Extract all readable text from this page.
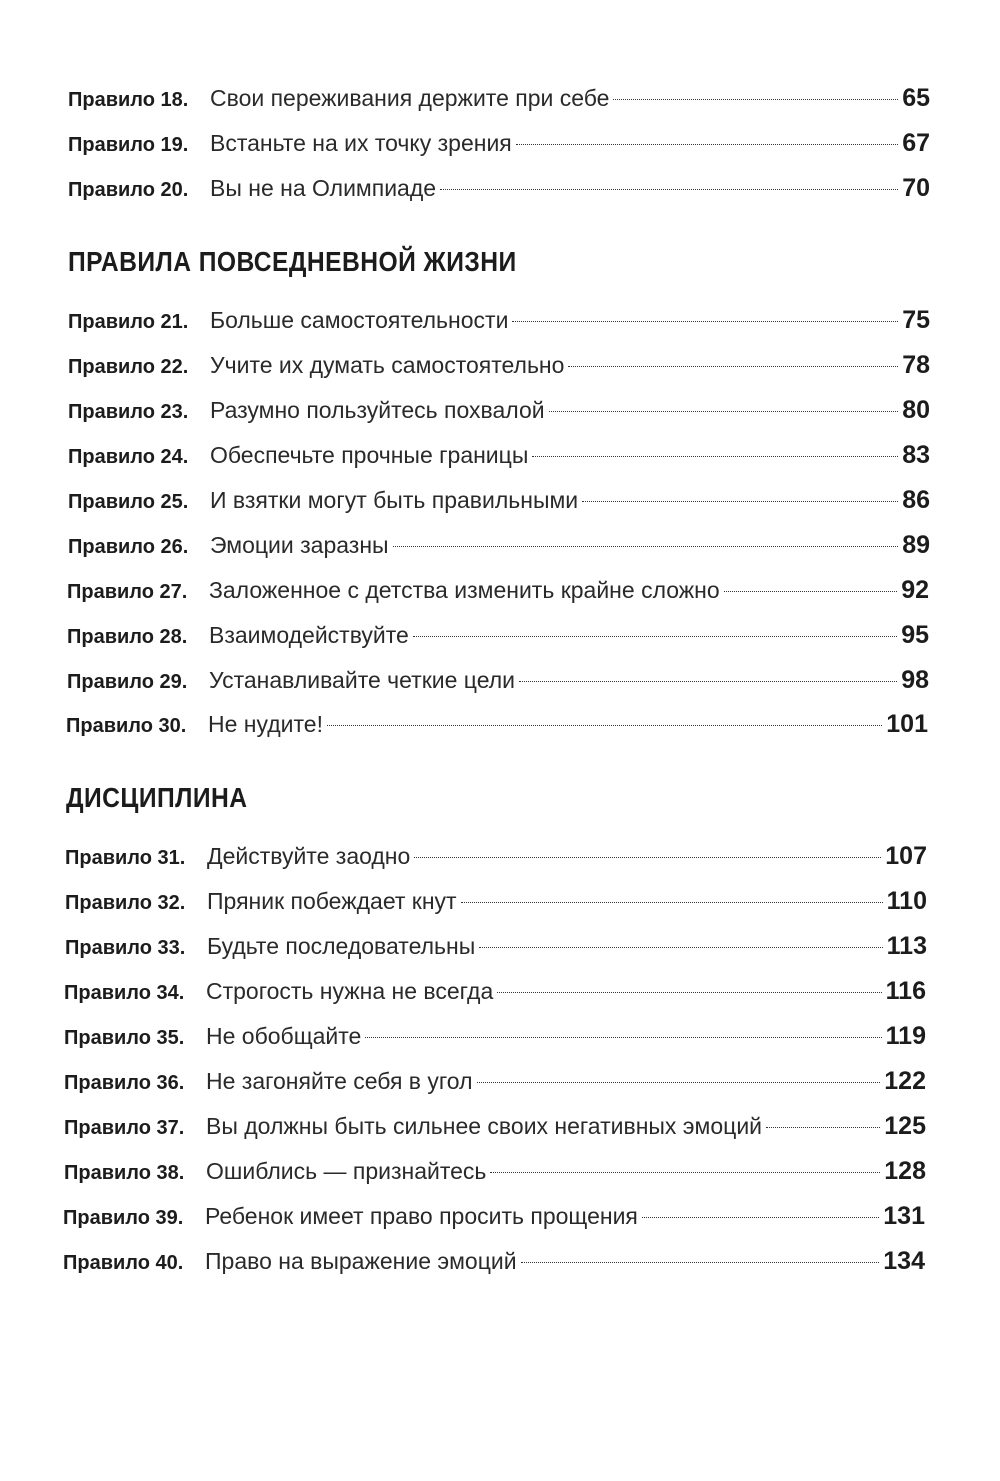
Правило 18. Свои переживания держите при себе	65
Правило 19. Встаньте на их точку зрения	67
Правило 20. Вы не на Олимпиаде	70
ПРАВИЛА ПОВСЕДНЕВНОЙ ЖИЗНИ
Правило 21. Больше самостоятельности	75
Правило 22. Учите их думать самостоятельно	78
Правило 23. Разумно пользуйтесь похвалой	80
Правило 24. Обеспечьте прочные границы	83
Правило 25. И взятки могут быть правильными	86
Правило 26. Эмоции заразны	89
Правило 27. Заложенное с детства изменить крайне сложно	92
Правило 28. Взаимодействуйте	95
Правило 29. Устанавливайте четкие цели	98
Правило 30. Не нудите!	101
ДИСЦИПЛИНА
Правило 31. Действуйте заодно	107
Правило 32. Пряник побеждает кнут	110
Правило 33. Будьте последовательны	113
Правило 34. Строгость нужна не всегда	116
Правило 35. Не обобщайте	119
Правило 36. Не загоняйте себя в угол	122
Правило 37. Вы должны быть сильнее своих негативных эмоций	125
Правило 38. Ошиблись — признайтесь	128
Правило 39. Ребенок имеет право просить прощения	131
Правило 40. Право на выражение эмоций	134
